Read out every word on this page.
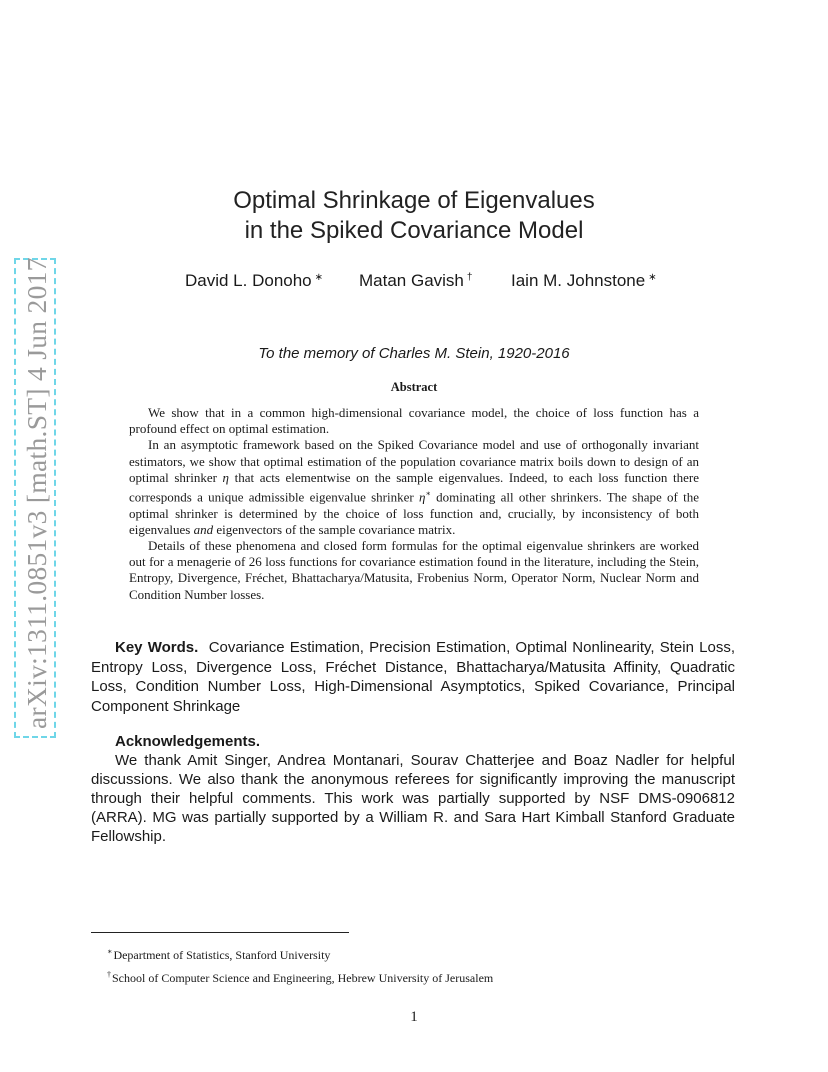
arXiv:1311.0851v3 [math.ST] 4 Jun 2017
Optimal Shrinkage of Eigenvalues
in the Spiked Covariance Model
David L. Donoho ∗ Matan Gavish † Iain M. Johnstone ∗
To the memory of Charles M. Stein, 1920-2016
Abstract

We show that in a common high-dimensional covariance model, the choice of loss function has a profound effect on optimal estimation.

In an asymptotic framework based on the Spiked Covariance model and use of orthogonally invariant estimators, we show that optimal estimation of the population covariance matrix boils down to design of an optimal shrinker η that acts elementwise on the sample eigenvalues. Indeed, to each loss function there corresponds a unique admissible eigenvalue shrinker η∗ dominating all other shrinkers. The shape of the optimal shrinker is determined by the choice of loss function and, crucially, by inconsistency of both eigenvalues and eigenvectors of the sample covariance matrix.

Details of these phenomena and closed form formulas for the optimal eigenvalue shrinkers are worked out for a menagerie of 26 loss functions for covariance estimation found in the literature, including the Stein, Entropy, Divergence, Fréchet, Bhattacharya/Matusita, Frobenius Norm, Operator Norm, Nuclear Norm and Condition Number losses.

Key Words. Covariance Estimation, Precision Estimation, Optimal Nonlinearity, Stein Loss, Entropy Loss, Divergence Loss, Fréchet Distance, Bhattacharya/Matusita Affinity, Quadratic Loss, Condition Number Loss, High-Dimensional Asymptotics, Spiked Covariance, Principal Component Shrinkage

Acknowledgements.

We thank Amit Singer, Andrea Montanari, Sourav Chatterjee and Boaz Nadler for helpful discussions. We also thank the anonymous referees for significantly improving the manuscript through their helpful comments. This work was partially supported by NSF DMS-0906812 (ARRA). MG was partially supported by a William R. and Sara Hart Kimball Stanford Graduate Fellowship.

∗Department of Statistics, Stanford University
†School of Computer Science and Engineering, Hebrew University of Jerusalem
1
